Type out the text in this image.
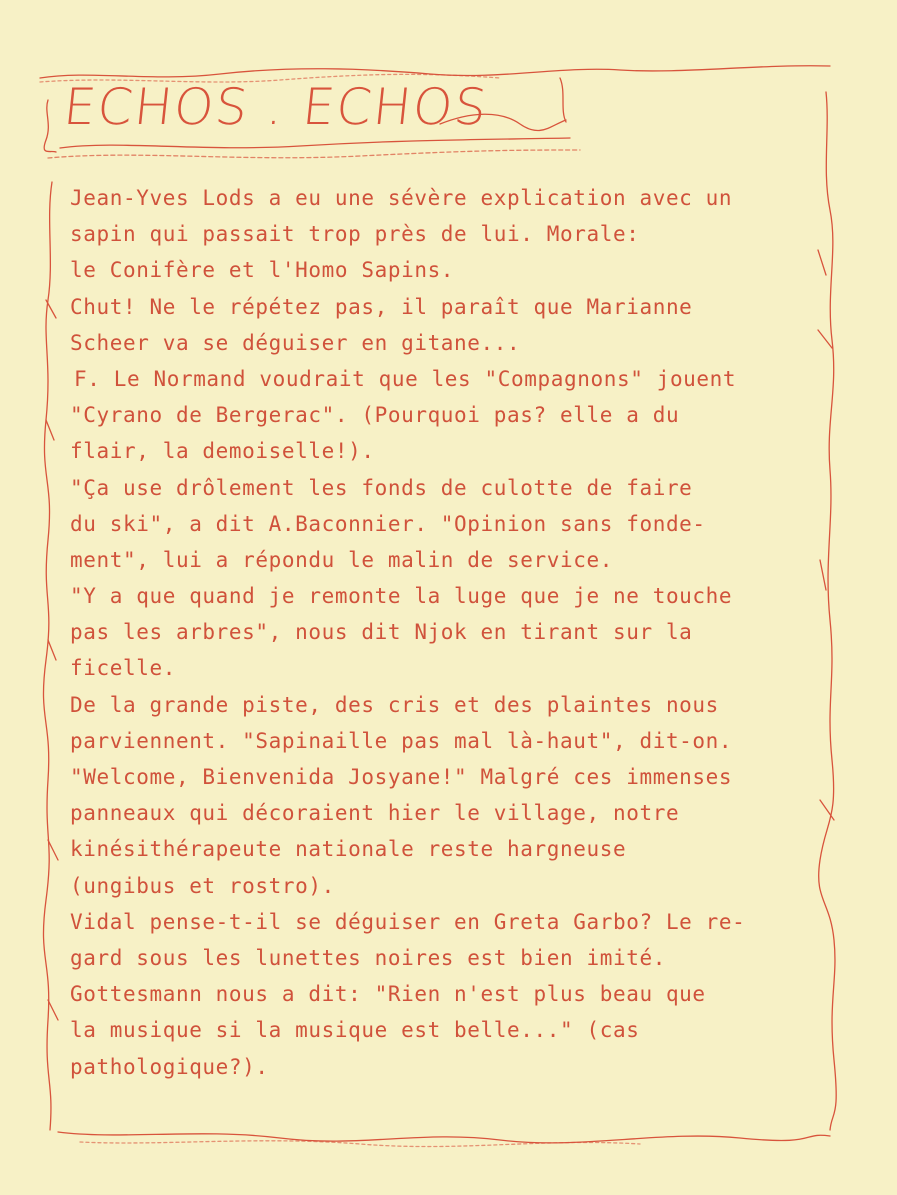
ECHOS . ECHOS
Jean-Yves Lods a eu une sévère explication avec un
sapin qui passait trop près de lui. Morale:
le Conifère et l'Homo Sapins.
Chut! Ne le répétez pas, il paraît que Marianne
Scheer va se déguiser en gitane...
F. Le Normand voudrait que les "Compagnons" jouent
"Cyrano de Bergerac". (Pourquoi pas? elle a du
flair, la demoiselle!).
"Ça use drôlement les fonds de culotte de faire
du ski", a dit A.Baconnier. "Opinion sans fonde-
ment", lui a répondu le malin de service.
"Y a que quand je remonte la luge que je ne touche
pas les arbres", nous dit Njok en tirant sur la
ficelle.
De la grande piste, des cris et des plaintes nous
parviennent. "Sapinaille pas mal là-haut", dit-on.
"Welcome, Bienvenida Josyane!" Malgré ces immenses
panneaux qui décoraient hier le village, notre
kinésithérapeute nationale reste hargneuse
(ungibus et rostro).
Vidal pense-t-il se déguiser en Greta Garbo? Le re-
gard sous les lunettes noires est bien imité.
Gottesmann nous a dit: "Rien n'est plus beau que
la musique si la musique est belle..." (cas
pathologique?).
